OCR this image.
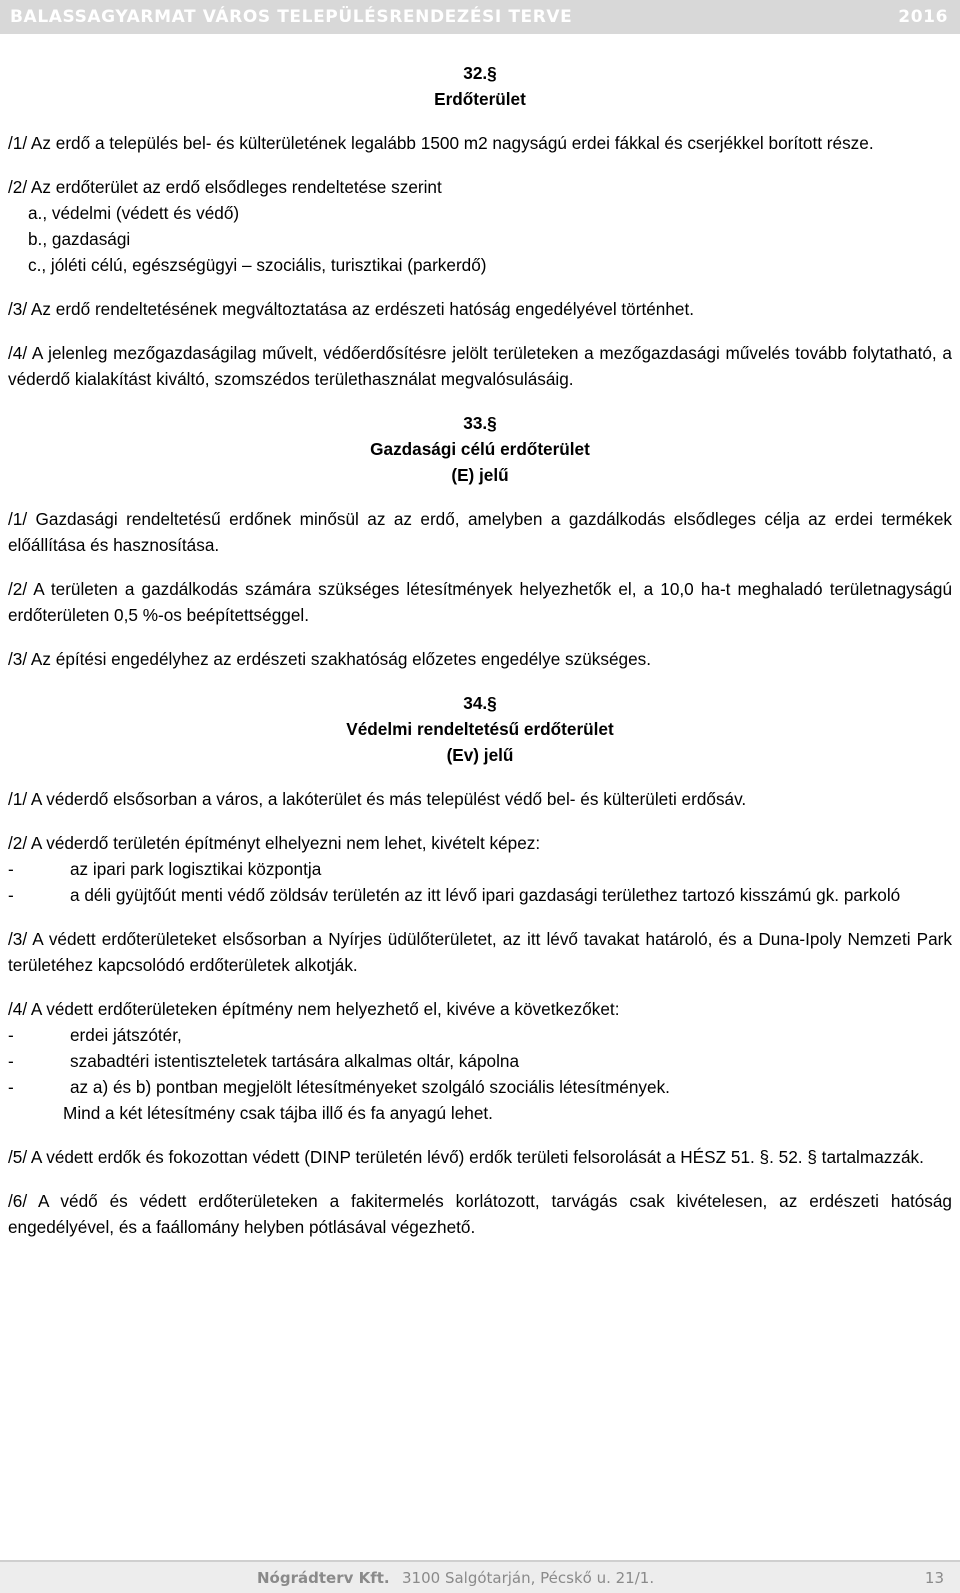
BALASSAGYARMAT VÁROS TELEPÜLÉSRENDEZÉSI TERVE	2016
32.§
Erdőterület

/1/ Az erdő a település bel- és külterületének legalább 1500 m2 nagyságú erdei fákkal és cserjékkel borított része.

/2/ Az erdőterület az erdő elsődleges rendeltetése szerint

a., védelmi (védett és védő)

b., gazdasági

c., jóléti célú, egészségügyi – szociális, turisztikai (parkerdő)

/3/ Az erdő rendeltetésének megváltoztatása az erdészeti hatóság engedélyével történhet.

/4/ A jelenleg mezőgazdaságilag művelt, védőerdősítésre jelölt területeken a mezőgazdasági művelés tovább folytatható, a véderdő kialakítást kiváltó, szomszédos területhasználat megvalósulásáig.

33.§
Gazdasági célú erdőterület
(E) jelű

/1/ Gazdasági rendeltetésű erdőnek minősül az az erdő, amelyben a gazdálkodás elsődleges célja az erdei termékek előállítása és hasznosítása.

/2/ A területen a gazdálkodás számára szükséges létesítmények helyezhetők el, a 10,0 ha-t meghaladó területnagyságú erdőterületen 0,5 %-os beépítettséggel.

/3/ Az építési engedélyhez az erdészeti szakhatóság előzetes engedélye szükséges.

34.§
Védelmi rendeltetésű erdőterület
(Ev) jelű

/1/ A véderdő elsősorban a város, a lakóterület és más települést védő bel- és külterületi erdősáv.

/2/ A véderdő területén építményt elhelyezni nem lehet, kivételt képez:

-	az ipari park logisztikai központja
-	a déli gyüjtőút menti védő zöldsáv területén az itt lévő ipari gazdasági területhez tartozó kisszámú gk. parkoló

/3/ A védett erdőterületeket elsősorban a Nyírjes üdülőterületet, az itt lévő tavakat határoló, és a Duna-Ipoly Nemzeti Park területéhez kapcsolódó erdőterületek alkotják.

/4/ A védett erdőterületeken építmény nem helyezhető el, kivéve a következőket:

-	erdei játszótér,
-	szabadtéri istentiszteletek tartására alkalmas oltár, kápolna
-	az a) és b) pontban megjelölt létesítményeket szolgáló szociális létesítmények.

Mind a két létesítmény csak tájba illő és fa anyagú lehet.

/5/ A védett erdők és fokozottan védett (DINP területén lévő) erdők területi felsorolását a HÉSZ 51. §. 52. § tartalmazzák.

/6/ A védő és védett erdőterületeken a fakitermelés korlátozott, tarvágás csak kivételesen, az erdészeti hatóság engedélyével, és a faállomány helyben pótlásával végezhető.

Nógrádterv Kft. 3100 Salgótarján, Pécskő u. 21/1.	13
